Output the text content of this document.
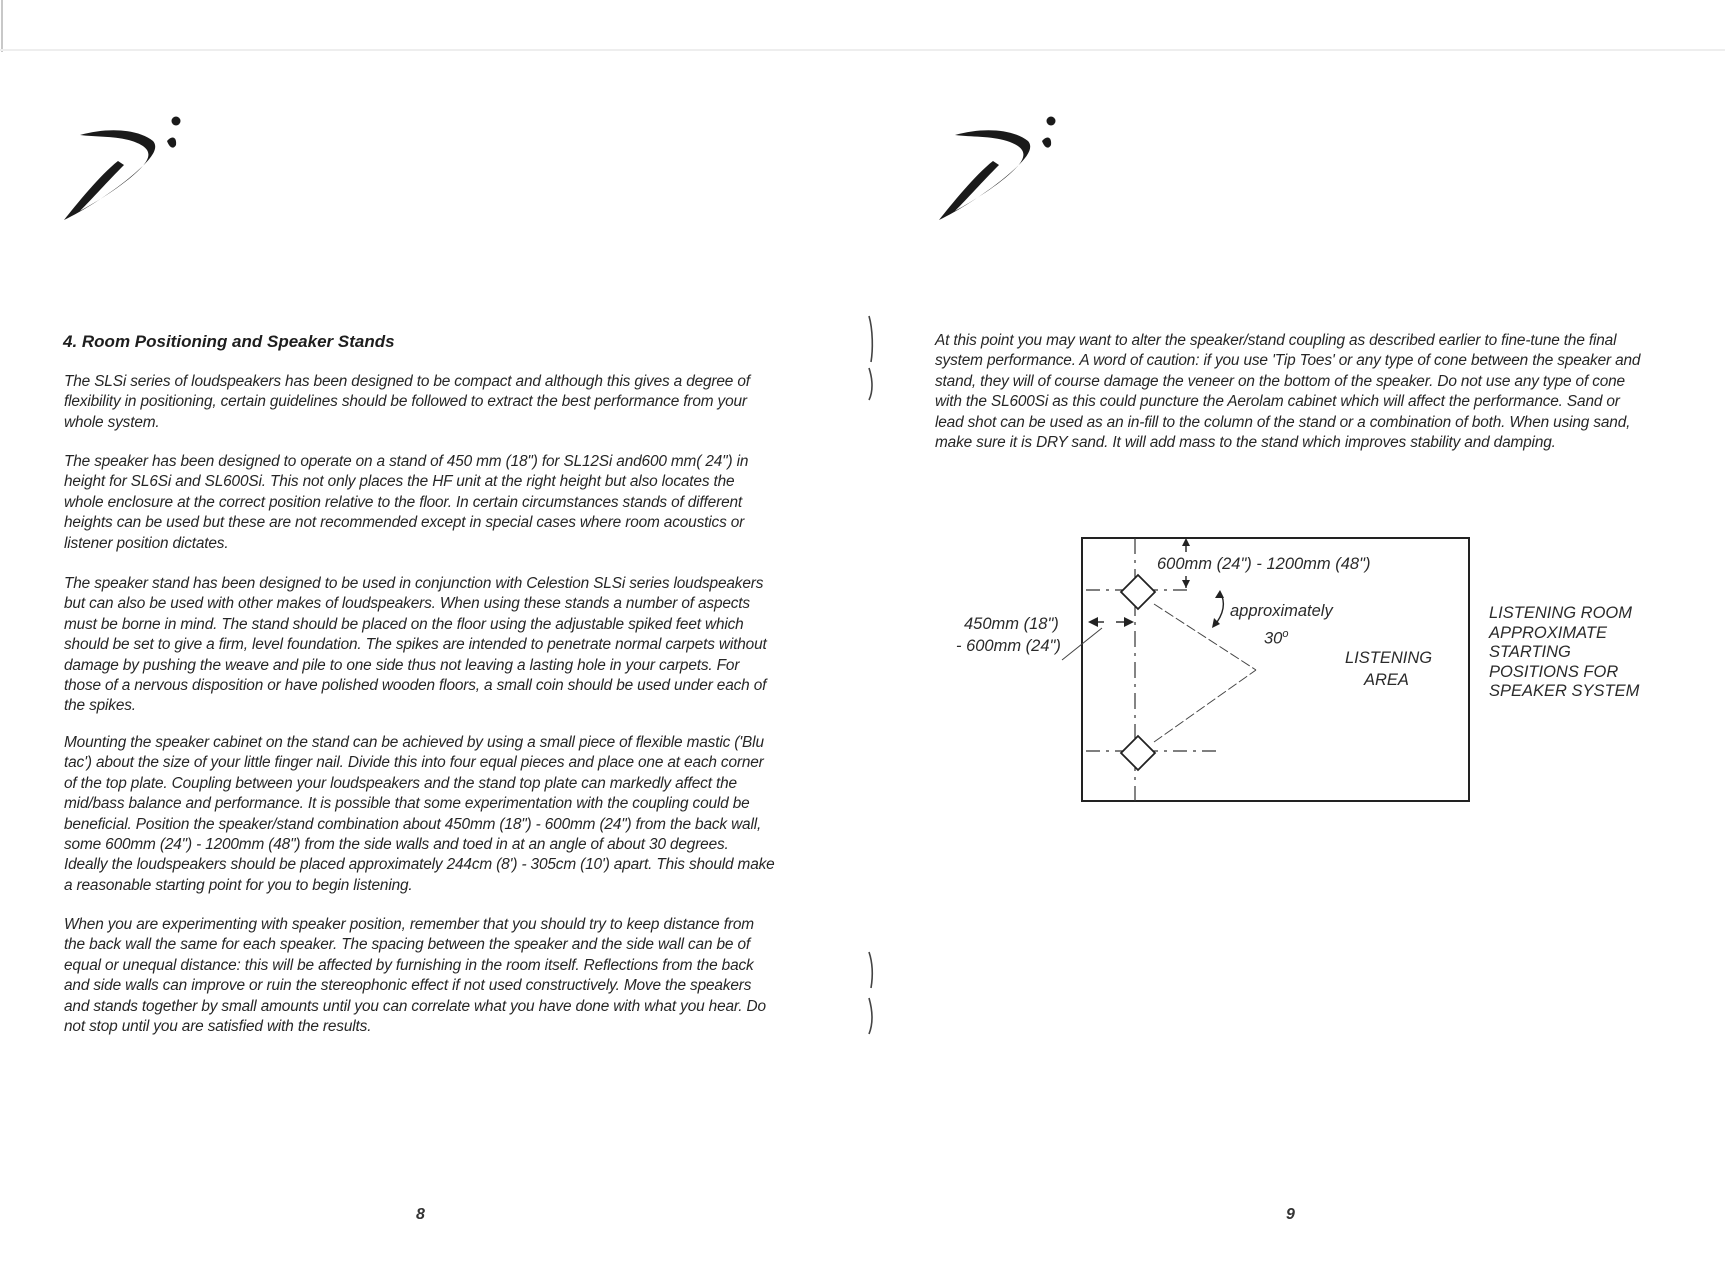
4. Room Positioning and Speaker Stands

The SLSi series of loudspeakers has been designed to be compact and although this gives a degree of flexibility in positioning, certain guidelines should be followed to extract the best performance from your whole system.

The speaker has been designed to operate on a stand of 450 mm (18") for SL12Si and600 mm( 24") in height for SL6Si and SL600Si. This not only places the HF unit at the right height but also locates the whole enclosure at the correct position relative to the floor. In certain circumstances stands of different heights can be used but these are not recommended except in special cases where room acoustics or listener position dictates.

The speaker stand has been designed to be used in conjunction with Celestion SLSi series loudspeakers but can also be used with other makes of loudspeakers. When using these stands a number of aspects must be borne in mind. The stand should be placed on the floor using the adjustable spiked feet which should be set to give a firm, level foundation. The spikes are intended to penetrate normal carpets without damage by pushing the weave and pile to one side thus not leaving a lasting hole in your carpets. For those of a nervous disposition or have polished wooden floors, a small coin should be used under each of the spikes.

Mounting the speaker cabinet on the stand can be achieved by using a small piece of flexible mastic ('Blu tac') about the size of your little finger nail. Divide this into four equal pieces and place one at each corner of the top plate. Coupling between your loudspeakers and the stand top plate can markedly affect the mid/bass balance and performance. It is possible that some experimentation with the coupling could be beneficial. Position the speaker/stand combination about 450mm (18") - 600mm (24") from the back wall, some 600mm (24") - 1200mm (48") from the side walls and toed in at an angle of about 30 degrees. Ideally the loudspeakers should be placed approximately 244cm (8') - 305cm (10') apart. This should make a reasonable starting point for you to begin listening.

When you are experimenting with speaker position, remember that you should try to keep distance from the back wall the same for each speaker. The spacing between the speaker and the side wall can be of equal or unequal distance: this will be affected by furnishing in the room itself. Reflections from the back and side walls can improve or ruin the stereophonic effect if not used constructively. Move the speakers and stands together by small amounts until you can correlate what you have done with what you hear. Do not stop until you are satisfied with the results.

8

At this point you may want to alter the speaker/stand coupling as described earlier to fine-tune the final system performance. A word of caution: if you use 'Tip Toes' or any type of cone between the speaker and stand, they will of course damage the veneer on the bottom of the speaker. Do not use any type of cone with the SL600Si as this could puncture the Aerolam cabinet which will affect the performance. Sand or lead shot can be used as an in-fill to the column of the stand or a combination of both. When using sand, make sure it is DRY sand. It will add mass to the stand which improves stability and damping.

600mm (24") - 1200mm (48")
450mm (18")
- 600mm (24")
approximately
30$^o$
LISTENING
AREA
LISTENING ROOM
APPROXIMATE
STARTING
POSITIONS FOR
SPEAKER SYSTEM
9
